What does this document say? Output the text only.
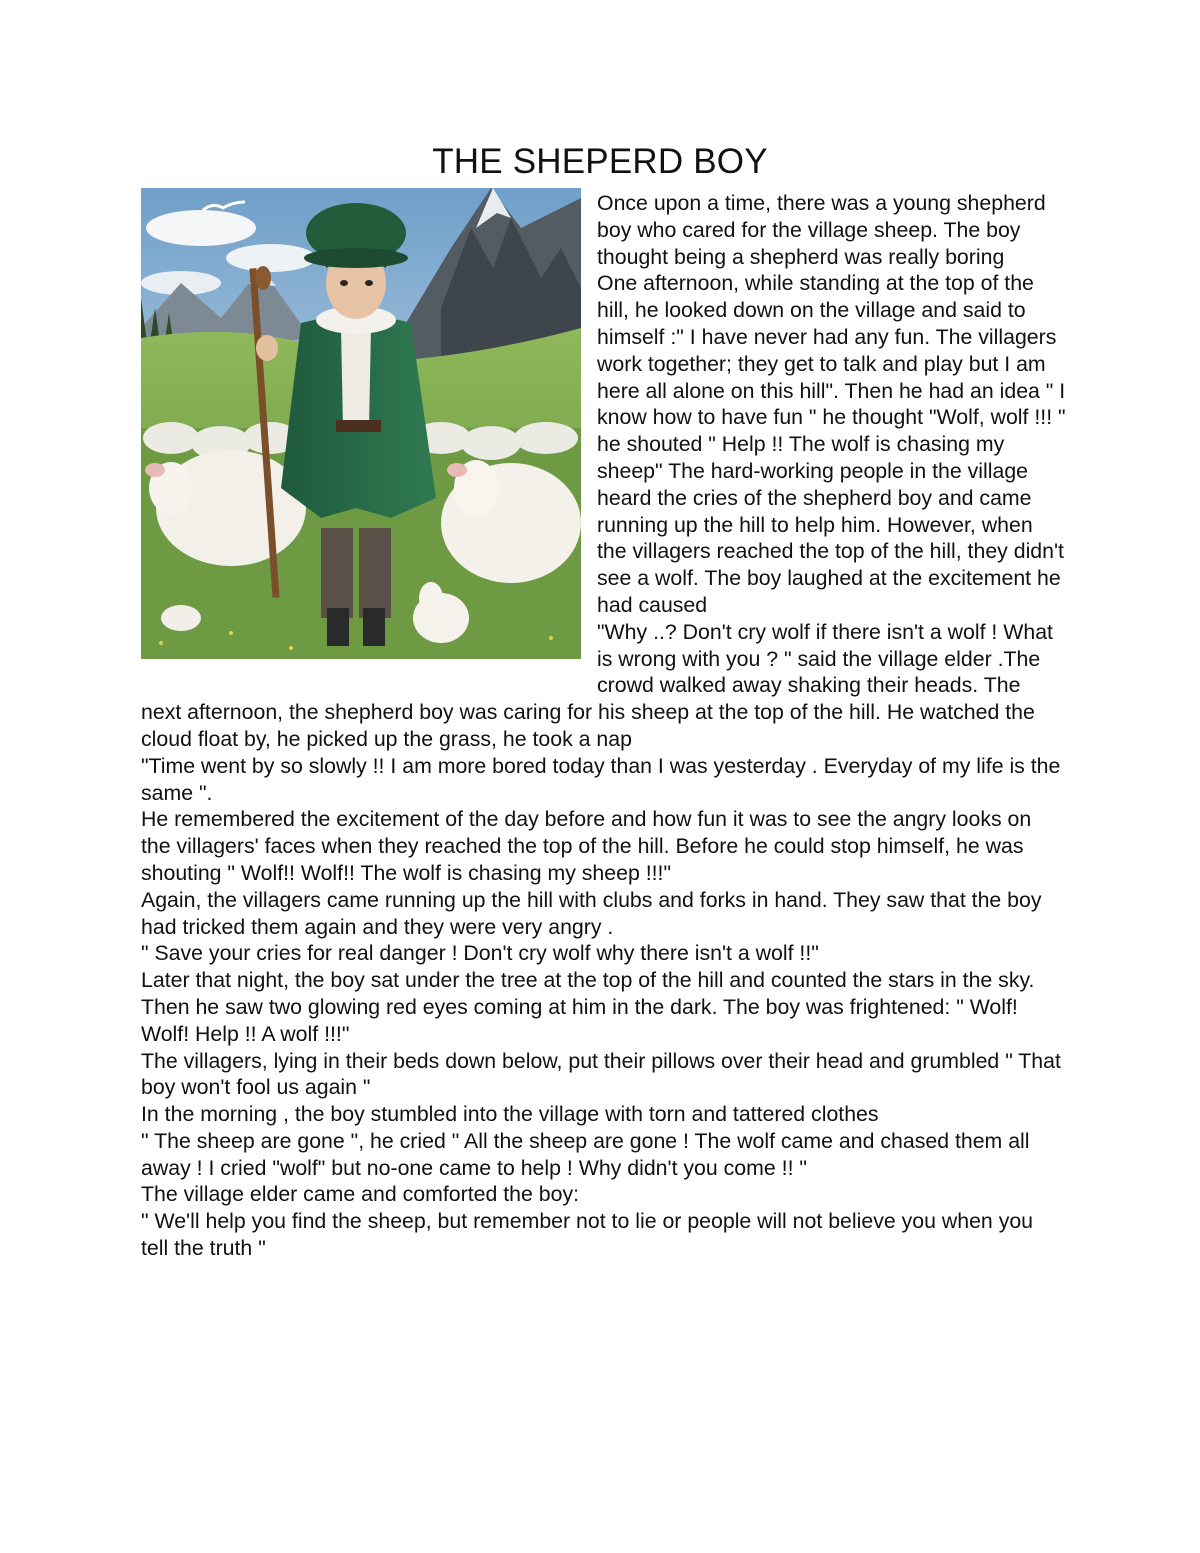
THE SHEPERD BOY

Once upon a time, there was a young shepherd boy who cared for the village sheep. The boy thought being a shepherd was really boring

One afternoon, while standing at the top of the hill, he looked down on the village and said to himself :" I have never had any fun. The villagers work together; they get to talk and play but I am here all alone on this hill". Then he had an idea " I know how to have fun " he thought "Wolf, wolf !!! " he shouted " Help !! The wolf is chasing my sheep" The hard-working people in the village heard the cries of the shepherd boy and came running up the hill to help him. However, when the villagers reached the top of the hill, they didn't see a wolf. The boy laughed at the excitement he had caused

"Why ..? Don't cry wolf if there isn't a wolf ! What is wrong with you ? " said the village elder .The crowd walked away shaking their heads. The next afternoon, the shepherd boy was caring for his sheep at the top of the hill. He watched the cloud float by, he picked up the grass, he took a nap

"Time went by so slowly !! I am more bored today than I was yesterday . Everyday of my life is the same ".

He remembered the excitement of the day before and how fun it was to see the angry looks on the villagers' faces when they reached the top of the hill. Before he could stop himself, he was shouting " Wolf!! Wolf!! The wolf is chasing my sheep !!!"

Again, the villagers came running up the hill with clubs and forks in hand. They saw that the boy had tricked them again and they were very angry .

" Save your cries for real danger ! Don't cry wolf why there isn't a wolf !!"

Later that night, the boy sat under the tree at the top of the hill and counted the stars in the sky. Then he saw two glowing red eyes coming at him in the dark. The boy was frightened: " Wolf! Wolf! Help !! A wolf !!!"

The villagers, lying in their beds down below, put their pillows over their head and grumbled " That boy won't fool us again "

In the morning , the boy stumbled into the village with torn and tattered clothes

" The sheep are gone ", he cried " All the sheep are gone ! The wolf came and chased them all away ! I cried "wolf" but no-one came to help ! Why didn't you come !! "

The village elder came and comforted the boy:

" We'll help you find the sheep, but remember not to lie or people will not believe you when you tell the truth "
